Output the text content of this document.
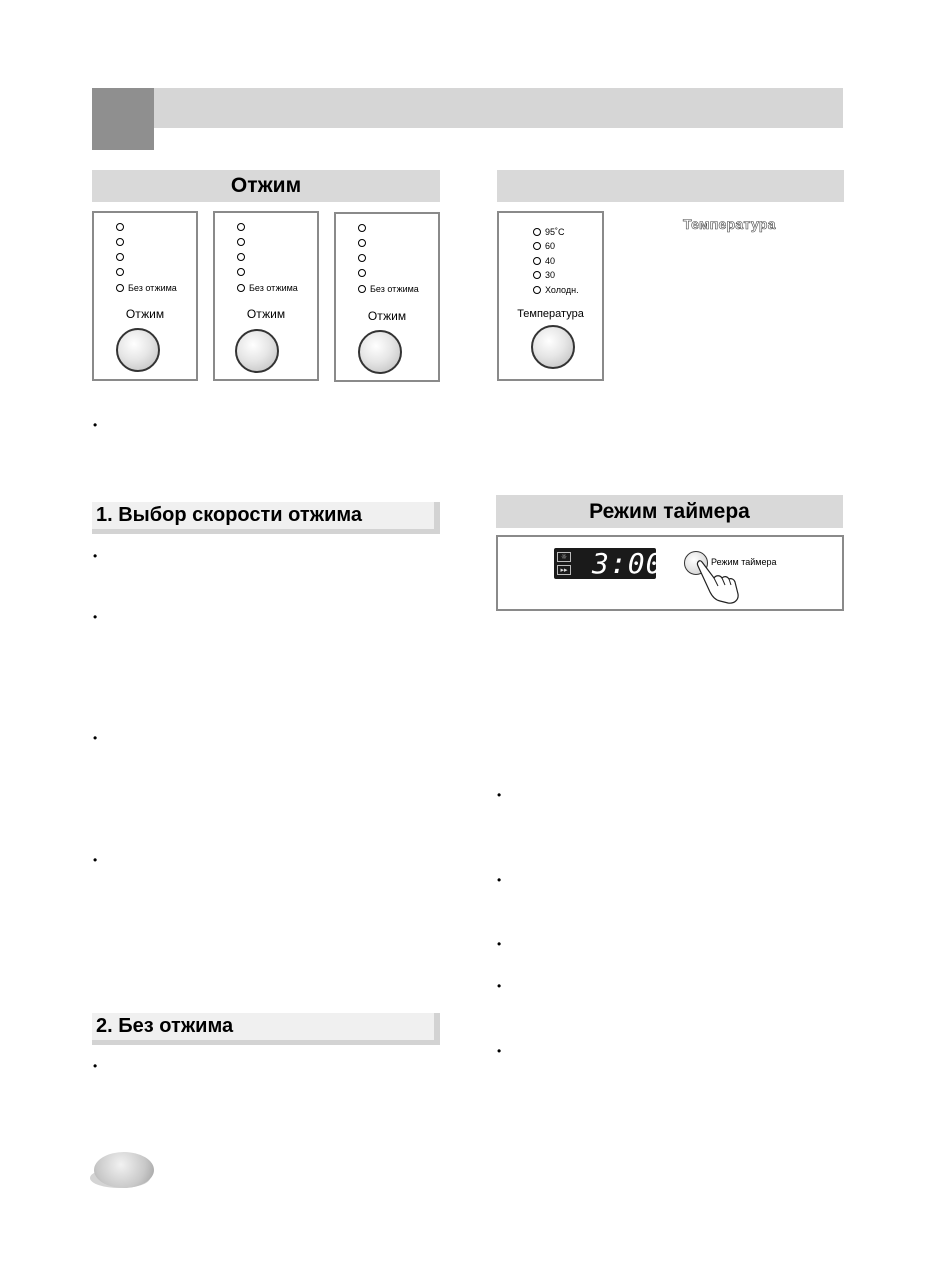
Отжим
Без отжима
Отжим
Без отжима
Отжим
Без отжима
Отжим
95˚C
60
40
30
Холодн.
Температура
Температура
•
1. Выбор скорости отжима
•
•
•
•
2. Без отжима
•
Режим таймера
☼
▸▸ 3:00	Режим таймера
•
•
•
•
•
